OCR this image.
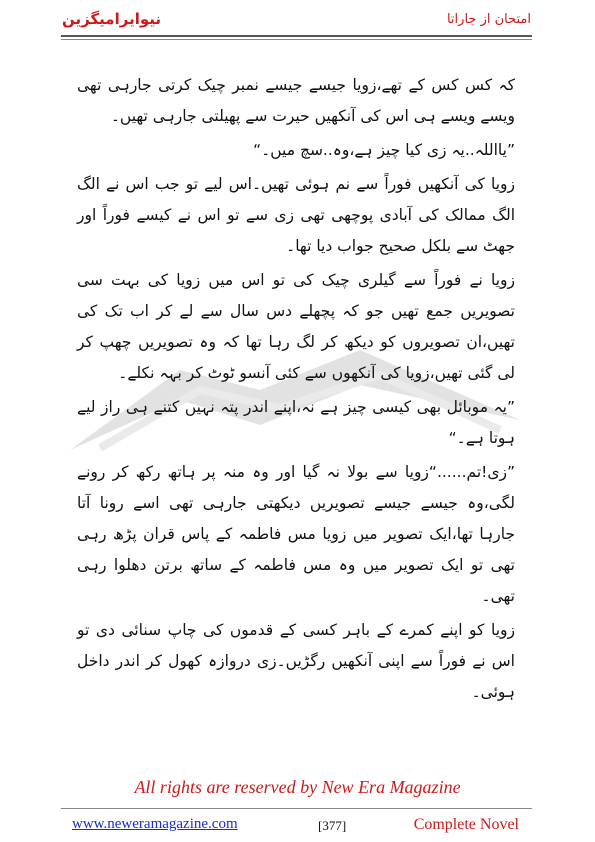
نیوایرامیگزین	امتحان از جاراتا

کہ کس کس کے تھے،زویا جیسے جیسے نمبر چیک کرتی جارہی تھی ویسے ویسے ہی اس کی آنکھیں حیرت سے پھیلتی جارہی تھیں۔

”یااللہ..یہ زی کیا چیز ہے،وہ..سچ میں۔“

زویا کی آنکھیں فوراً سے نم ہوئی تھیں۔اس لیے تو جب اس نے الگ الگ ممالک کی آبادی پوچھی تھی زی سے تو اس نے کیسے فوراً اور جھٹ سے بلکل صحیح جواب دیا تھا۔

زویا نے فوراً سے گیلری چیک کی تو اس میں زویا کی بہت سی تصویریں جمع تھیں جو کہ پچھلے دس سال سے لے کر اب تک کی تھیں،ان تصویروں کو دیکھ کر لگ رہا تھا کہ وہ تصویریں چھپ کر لی گئی تھیں،زویا کی آنکھوں سے کئی آنسو ٹوٹ کر بہہ نکلے۔

”یہ موبائل بھی کیسی چیز ہے نہ،اپنے اندر پتہ نہیں کتنے ہی راز لیے ہوتا ہے۔“

”زی!تم......“زویا سے بولا نہ گیا اور وہ منہ پر ہاتھ رکھ کر رونے لگی،وہ جیسے جیسے تصویریں دیکھتی جارہی تھی اسے رونا آتا جارہا تھا،ایک تصویر میں زویا مس فاطمہ کے پاس قران پڑھ رہی تھی تو ایک تصویر میں وہ مس فاطمہ کے ساتھ برتن دھلوا رہی تھی۔

زویا کو اپنے کمرے کے باہر کسی کے قدموں کی چاپ سنائی دی تو اس نے فوراً سے اپنی آنکھیں رگڑیں۔زی دروازہ کھول کر اندر داخل ہوئی۔

All rights are reserved by New Era Magazine
www.neweramagazine.com	[377]	Complete Novel
